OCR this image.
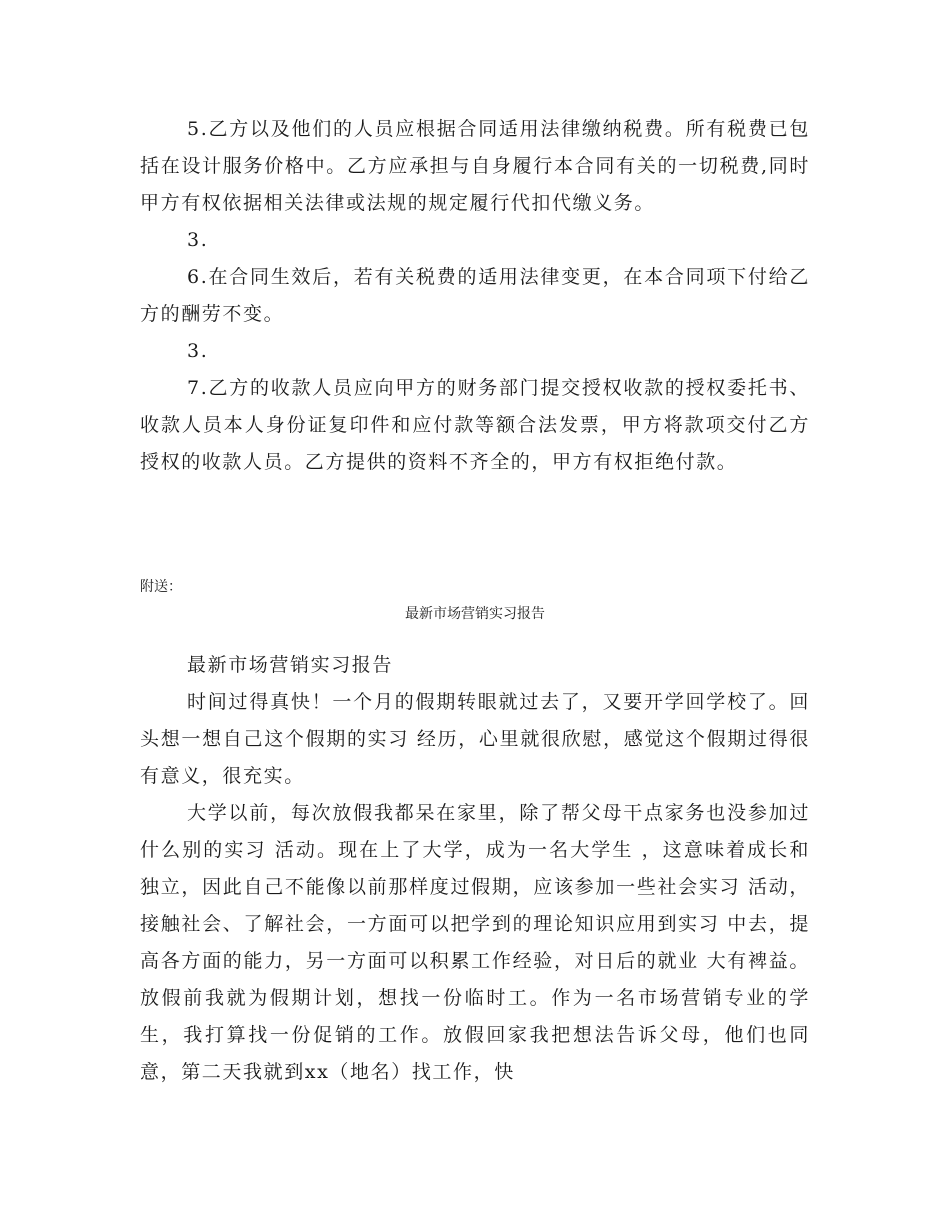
5.乙方以及他们的人员应根据合同适用法律缴纳税费。所有税费已包括在设计服务价格中。乙方应承担与自身履行本合同有关的一切税费,同时甲方有权依据相关法律或法规的规定履行代扣代缴义务。

3.

6.在合同生效后，若有关税费的适用法律变更，在本合同项下付给乙方的酬劳不变。

3.

7.乙方的收款人员应向甲方的财务部门提交授权收款的授权委托书、收款人员本人身份证复印件和应付款等额合法发票，甲方将款项交付乙方授权的收款人员。乙方提供的资料不齐全的，甲方有权拒绝付款。

附送：

最新市场营销实习报告

最新市场营销实习报告

时间过得真快！一个月的假期转眼就过去了，又要开学回学校了。回头想一想自己这个假期的实习 经历，心里就很欣慰，感觉这个假期过得很有意义，很充实。

大学以前，每次放假我都呆在家里，除了帮父母干点家务也没参加过什么别的实习 活动。现在上了大学，成为一名大学生 ，这意味着成长和独立，因此自己不能像以前那样度过假期，应该参加一些社会实习 活动，接触社会、了解社会，一方面可以把学到的理论知识应用到实习 中去，提高各方面的能力，另一方面可以积累工作经验，对日后的就业 大有裨益。放假前我就为假期计划，想找一份临时工。作为一名市场营销专业的学生，我打算找一份促销的工作。放假回家我把想法告诉父母，他们也同意，第二天我就到xx（地名）找工作，快
